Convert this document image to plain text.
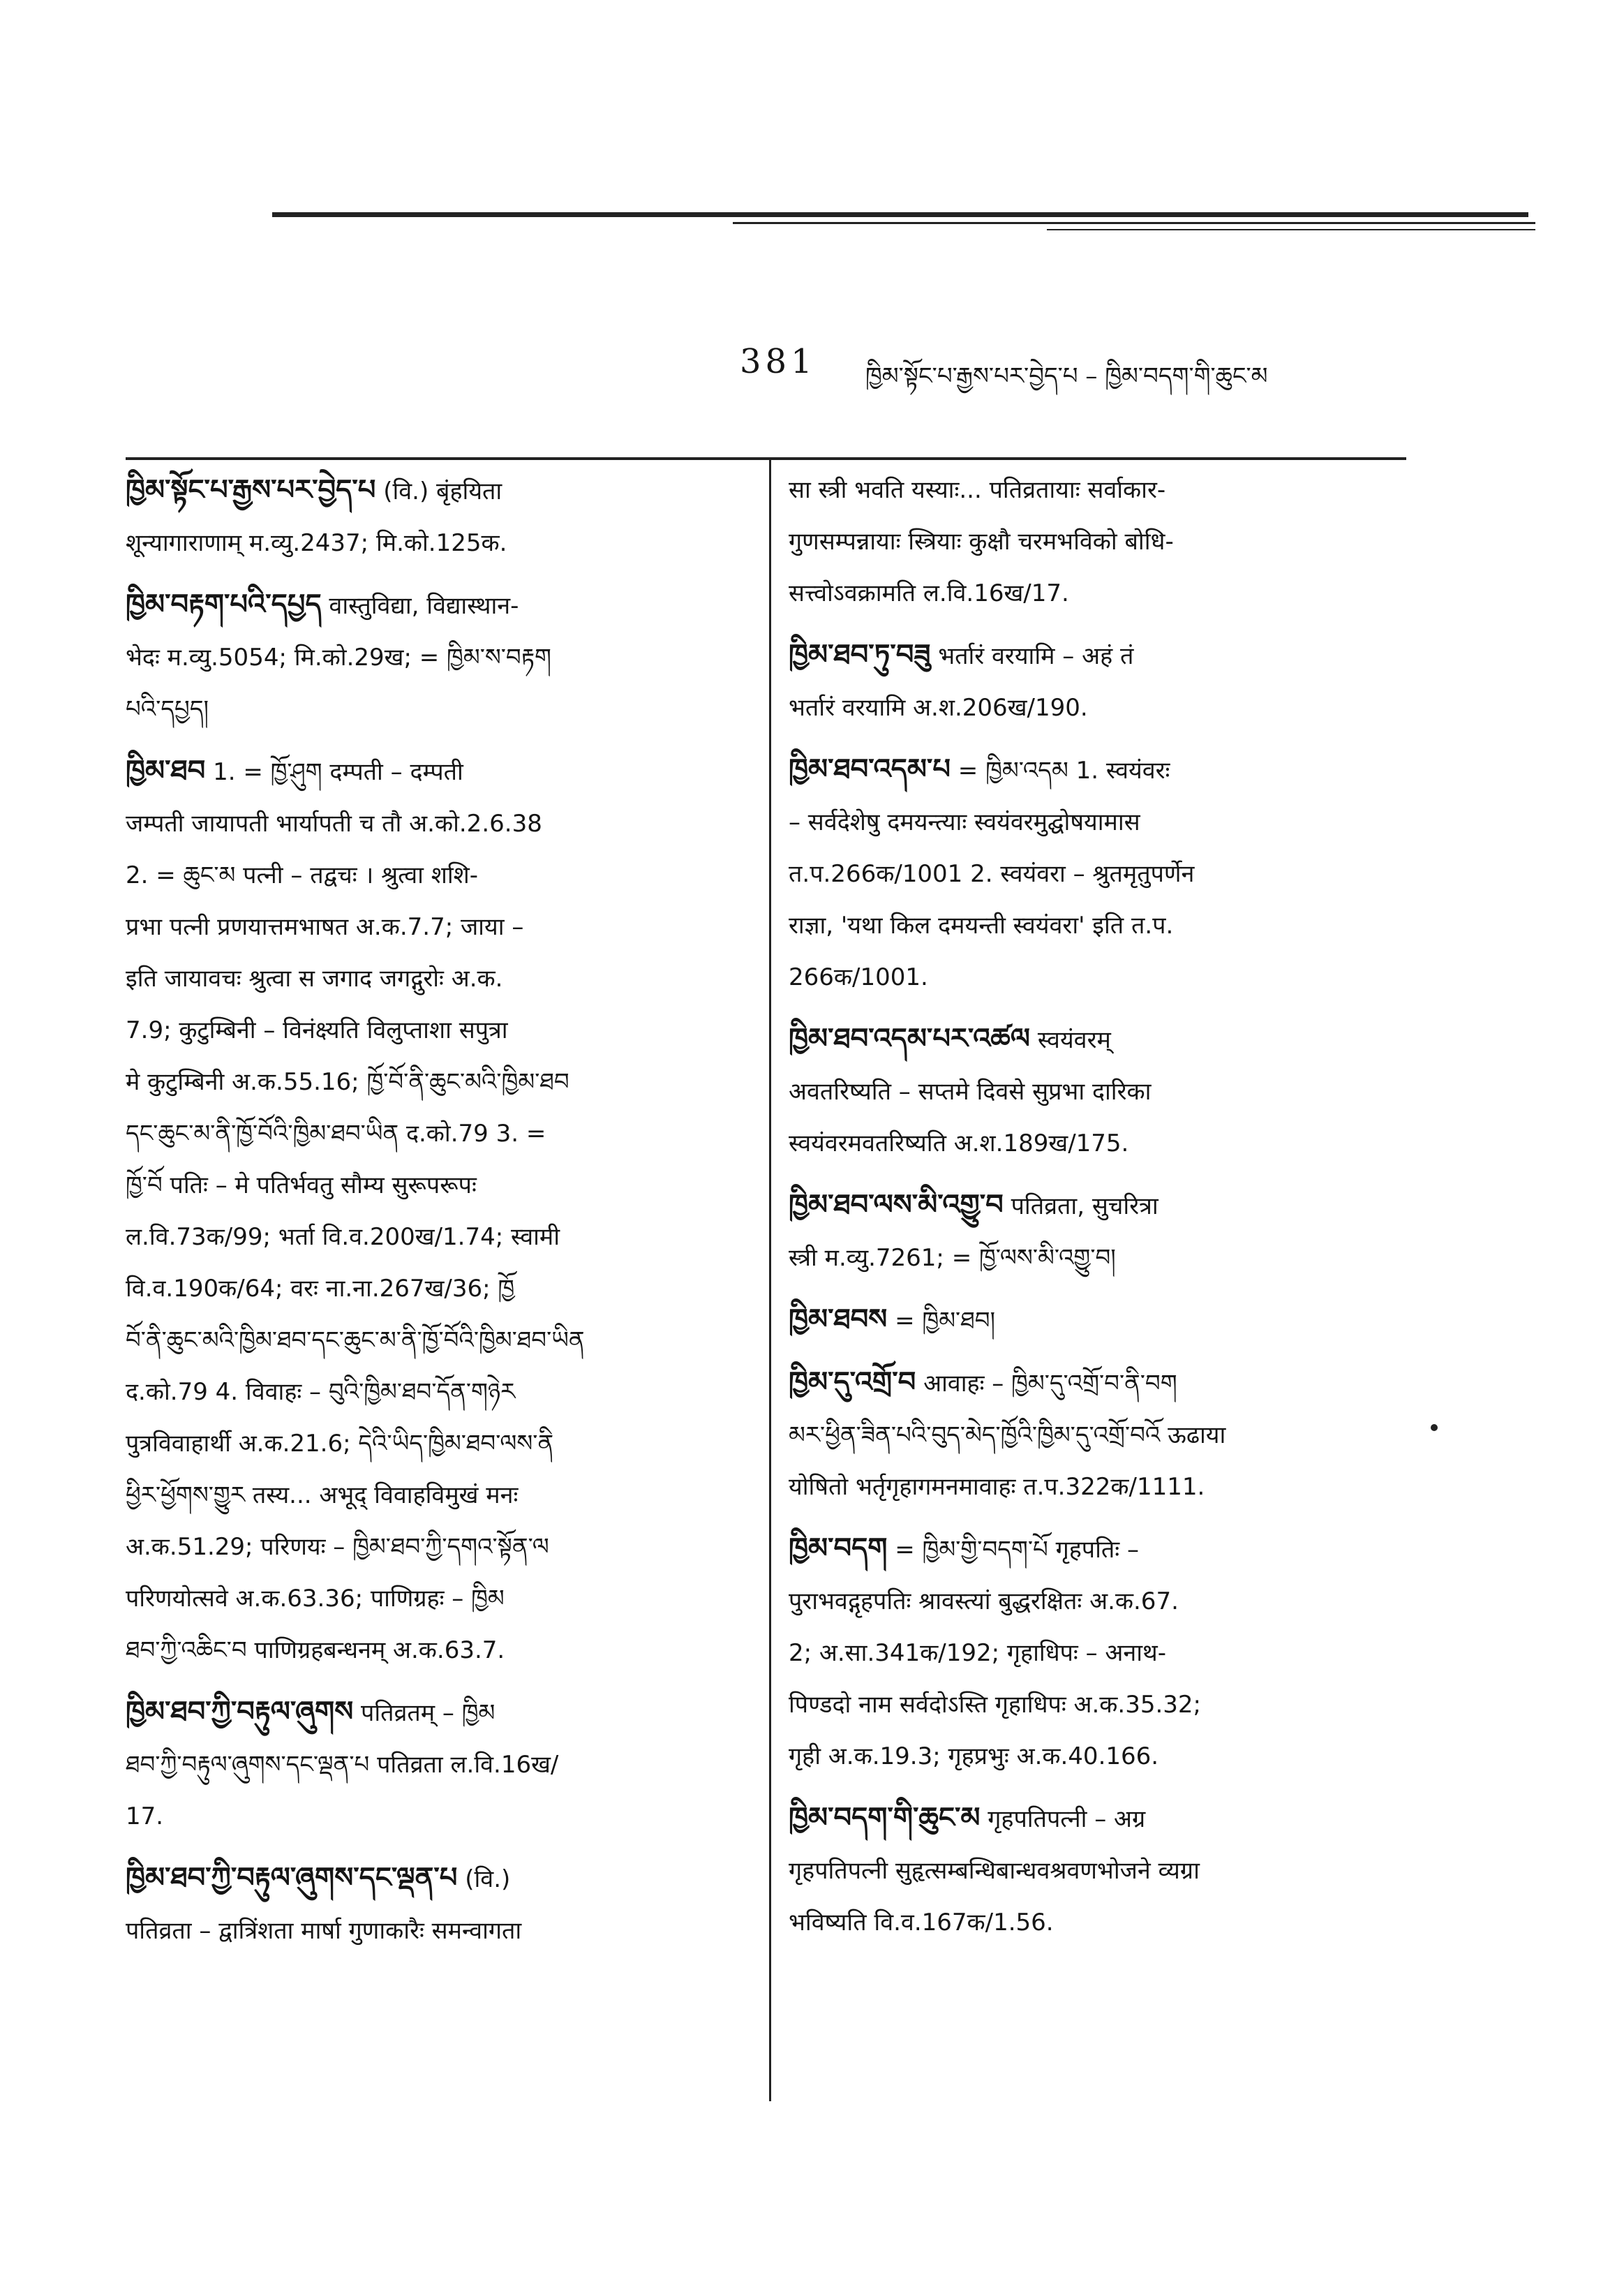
381 ཁྱིམ་སྟོང་པ་རྒྱས་པར་བྱེད་པ – ཁྱིམ་བདག་གི་ཆུང་མ

ཁྱིམ་སྟོང་པ་རྒྱས་པར་བྱེད་པ (वि.) बृंहयिता
शून्यागाराणाम् म.व्यु.2437; मि.को.125क.

ཁྱིམ་བརྟག་པའི་དཔྱད वास्तुविद्या, विद्यास्थान-
भेदः म.व्यु.5054; मि.को.29ख; = ཁྱིམ་ས་བརྟག
པའི་དཔྱད།

ཁྱིམ་ཐབ 1. = ཁྱོ་ཤུག दम्पती – दम्पती
जम्पती जायापती भार्यापती च तौ अ.को.2.6.38
2. = ཆུང་མ पत्नी – तद्वचः । श्रुत्वा शशि-
प्रभा पत्नी प्रणयात्तमभाषत अ.क.7.7; जाया –
इति जायावचः श्रुत्वा स जगाद जगद्गुरोः अ.क.
7.9; कुटुम्बिनी – विनंक्ष्यति विलुप्ताशा सपुत्रा
मे कुटुम्बिनी अ.क.55.16; ཁྱོ་བོ་ནི་ཆུང་མའི་ཁྱིམ་ཐབ
དང་ཆུང་མ་ནི་ཁྱོ་བོའི་ཁྱིམ་ཐབ་ཡིན द.को.79 3. =
ཁྱོ་བོ पतिः – मे पतिर्भवतु सौम्य सुरूपरूपः
ल.वि.73क/99; भर्ता वि.व.200ख/1.74; स्वामी
वि.व.190क/64; वरः ना.ना.267ख/36; ཁྱོ
བོ་ནི་ཆུང་མའི་ཁྱིམ་ཐབ་དང་ཆུང་མ་ནི་ཁྱོ་བོའི་ཁྱིམ་ཐབ་ཡིན
द.को.79 4. विवाहः – བུའི་ཁྱིམ་ཐབ་དོན་གཉེར
पुत्रविवाहार्थी अ.क.21.6; དེའི་ཡིད་ཁྱིམ་ཐབ་ལས་ནི
ཕྱིར་ཕྱོགས་གྱུར तस्य... अभूद् विवाहविमुखं मनः
अ.क.51.29; परिणयः – ཁྱིམ་ཐབ་ཀྱི་དགའ་སྟོན་ལ
परिणयोत्सवे अ.क.63.36; पाणिग्रहः – ཁྱིམ
ཐབ་ཀྱི་འཆིང་བ पाणिग्रहबन्धनम् अ.क.63.7.

ཁྱིམ་ཐབ་ཀྱི་བརྟུལ་ཞུགས पतिव्रतम् – ཁྱིམ
ཐབ་ཀྱི་བརྟུལ་ཞུགས་དང་ལྡན་པ पतिव्रता ल.वि.16ख/
17.

ཁྱིམ་ཐབ་ཀྱི་བརྟུལ་ཞུགས་དང་ལྡན་པ (वि.)
पतिव्रता – द्वात्रिंशता मार्षा गुणाकारैः समन्वागता

सा स्त्री भवति यस्याः... पतिव्रतायाः सर्वाकार-
गुणसम्पन्नायाः स्त्रियाः कुक्षौ चरमभविको बोधि-
सत्त्वोऽवक्रामति ल.वि.16ख/17.

ཁྱིམ་ཐབ་ཏུ་བཟུ भर्तारं वरयामि – अहं तं
भर्तारं वरयामि अ.श.206ख/190.

ཁྱིམ་ཐབ་འདམ་པ = ཁྱིམ་འདམ 1. स्वयंवरः
– सर्वदेशेषु दमयन्त्याः स्वयंवरमुद्घोषयामास
त.प.266क/1001 2. स्वयंवरा – श्रुतमृतुपर्णेन
राज्ञा, 'यथा किल दमयन्ती स्वयंवरा' इति त.प.
266क/1001.

ཁྱིམ་ཐབ་འདམ་པར་འཚལ स्वयंवरम्
अवतरिष्यति – सप्तमे दिवसे सुप्रभा दारिका
स्वयंवरमवतरिष्यति अ.श.189ख/175.

ཁྱིམ་ཐབ་ལས་མི་འགྱུ་བ पतिव्रता, सुचरित्रा
स्त्री म.व्यु.7261; = ཁྱོ་ལས་མི་འགྱུ་བ།

ཁྱིམ་ཐབས = ཁྱིམ་ཐབ།

ཁྱིམ་དུ་འགྲོ་བ आवाहः – ཁྱིམ་དུ་འགྲོ་བ་ནི་བག
མར་ཕྱིན་ཟིན་པའི་བུད་མེད་ཁྱོའི་ཁྱིམ་དུ་འགྲོ་བའོ ऊढाया
योषितो भर्तृगृहागमनमावाहः त.प.322क/1111.

ཁྱིམ་བདག = ཁྱིམ་གྱི་བདག་པོ गृहपतिः –
पुराभवद्गृहपतिः श्रावस्त्यां बुद्धरक्षितः अ.क.67.
2; अ.सा.341क/192; गृहाधिपः – अनाथ-
पिण्डदो नाम सर्वदोऽस्ति गृहाधिपः अ.क.35.32;
गृही अ.क.19.3; गृहप्रभुः अ.क.40.166.

ཁྱིམ་བདག་གི་ཆུང་མ गृहपतिपत्नी – अग्र
गृहपतिपत्नी सुहृत्सम्बन्धिबान्धवश्रवणभोजने व्यग्रा
भविष्यति वि.व.167क/1.56.
